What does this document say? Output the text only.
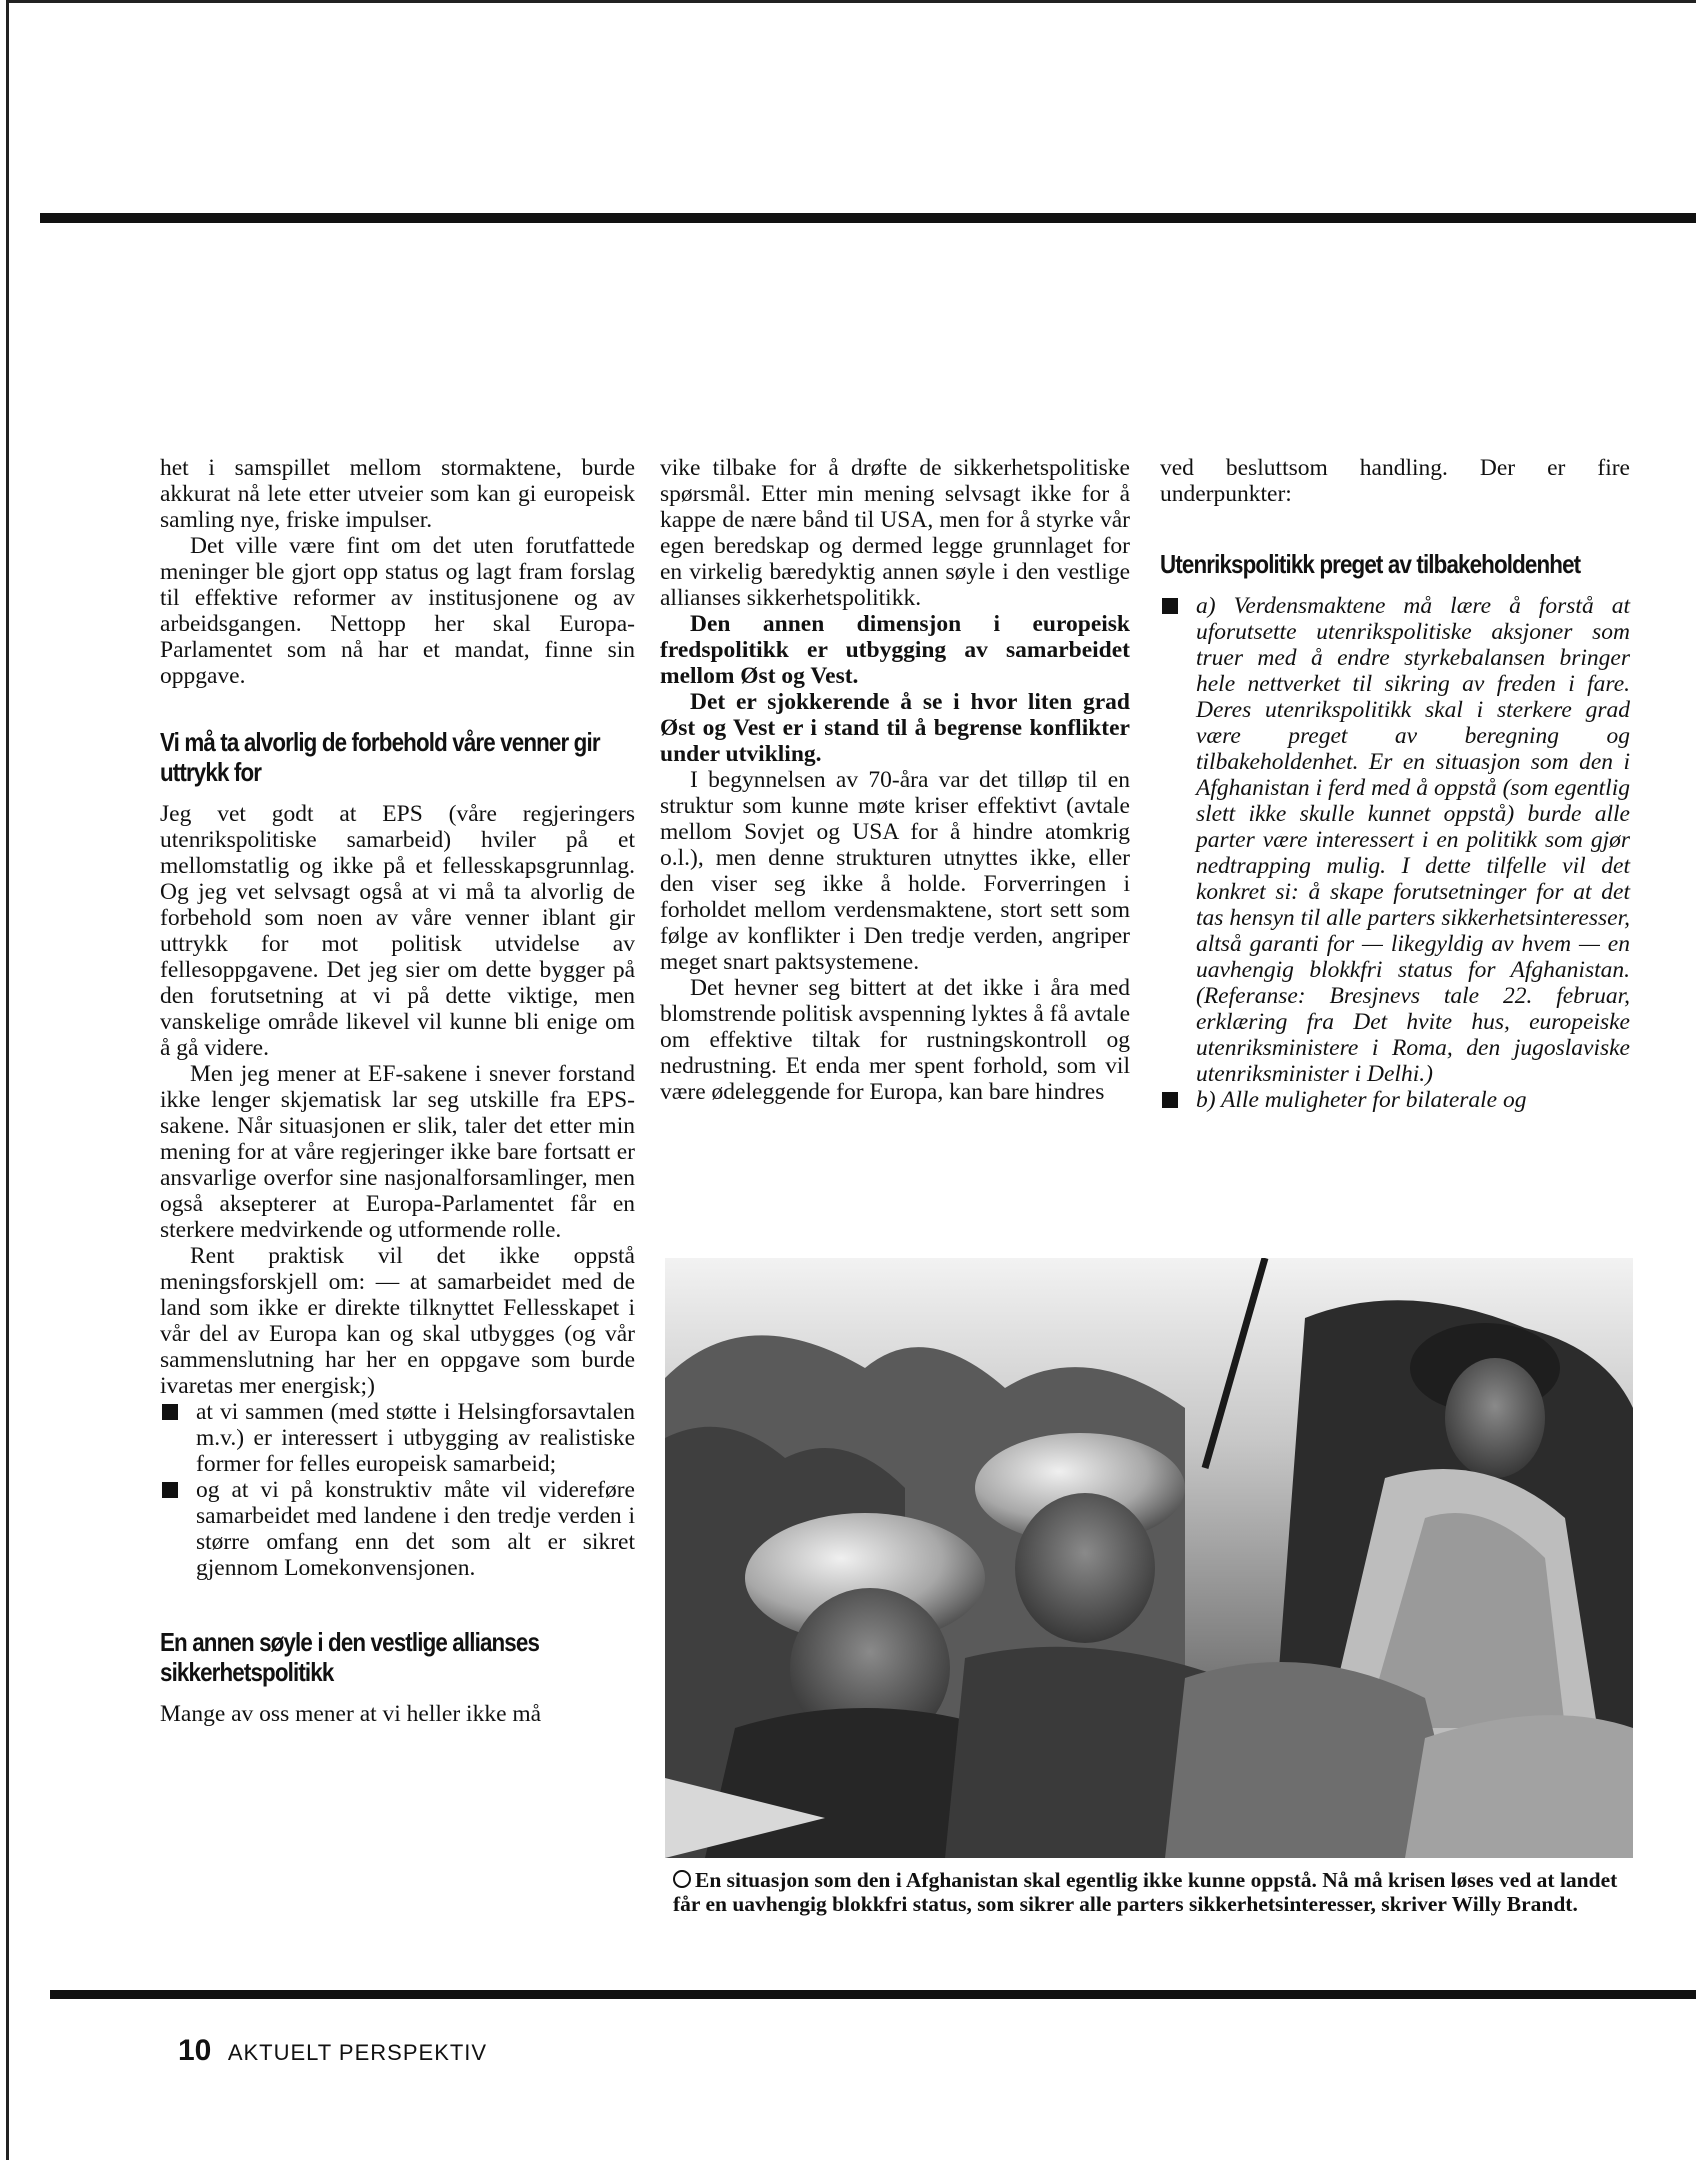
het i samspillet mellom stormaktene, burde akkurat nå lete etter utveier som kan gi europeisk samling nye, friske impulser.

Det ville være fint om det uten forutfattede meninger ble gjort opp status og lagt fram forslag til effektive reformer av institusjonene og av arbeidsgangen. Nettopp her skal Europa-Parlamentet som nå har et mandat, finne sin oppgave.

Vi må ta alvorlig de forbehold våre venner gir uttrykk for

Jeg vet godt at EPS (våre regjeringers utenrikspolitiske samarbeid) hviler på et mellomstatlig og ikke på et fellesskapsgrunnlag. Og jeg vet selvsagt også at vi må ta alvorlig de forbehold som noen av våre venner iblant gir uttrykk for mot politisk utvidelse av fellesoppgavene. Det jeg sier om dette bygger på den forutsetning at vi på dette viktige, men vanskelige område likevel vil kunne bli enige om å gå videre.

Men jeg mener at EF-sakene i snever forstand ikke lenger skjematisk lar seg utskille fra EPS-sakene. Når situasjonen er slik, taler det etter min mening for at våre regjeringer ikke bare fortsatt er ansvarlige overfor sine nasjonalforsamlinger, men også aksepterer at Europa-Parlamentet får en sterkere medvirkende og utformende rolle.

Rent praktisk vil det ikke oppstå meningsforskjell om: — at samarbeidet med de land som ikke er direkte tilknyttet Fellesskapet i vår del av Europa kan og skal utbygges (og vår sammenslutning har her en oppgave som burde ivaretas mer energisk;)

at vi sammen (med støtte i Helsingforsavtalen m.v.) er interessert i utbygging av realistiske former for felles europeisk samarbeid;
og at vi på konstruktiv måte vil videreføre samarbeidet med landene i den tredje verden i større omfang enn det som alt er sikret gjennom Lomekonvensjonen.
En annen søyle i den vestlige allianses sikkerhetspolitikk

Mange av oss mener at vi heller ikke må

vike tilbake for å drøfte de sikkerhetspolitiske spørsmål. Etter min mening selvsagt ikke for å kappe de nære bånd til USA, men for å styrke vår egen beredskap og dermed legge grunnlaget for en virkelig bæredyktig annen søyle i den vestlige allianses sikkerhetspolitikk.

Den annen dimensjon i europeisk fredspolitikk er utbygging av samarbeidet mellom Øst og Vest.

Det er sjokkerende å se i hvor liten grad Øst og Vest er i stand til å begrense konflikter under utvikling.

I begynnelsen av 70-åra var det tilløp til en struktur som kunne møte kriser effektivt (avtale mellom Sovjet og USA for å hindre atomkrig o.l.), men denne strukturen utnyttes ikke, eller den viser seg ikke å holde. Forverringen i forholdet mellom verdensmaktene, stort sett som følge av konflikter i Den tredje verden, angriper meget snart paktsystemene.

Det hevner seg bittert at det ikke i åra med blomstrende politisk avspenning lyktes å få avtale om effektive tiltak for rustningskontroll og nedrustning. Et enda mer spent forhold, som vil være ødeleggende for Europa, kan bare hindres

ved besluttsom handling. Der er fire underpunkter:

Utenrikspolitikk preget av tilbakeholdenhet

a) Verdensmaktene må lære å forstå at uforutsette utenrikspolitiske aksjoner som truer med å endre styrkebalansen bringer hele nettverket til sikring av freden i fare. Deres utenrikspolitikk skal i sterkere grad være preget av beregning og tilbakeholdenhet. Er en situasjon som den i Afghanistan i ferd med å oppstå (som egentlig slett ikke skulle kunnet oppstå) burde alle parter være interessert i en politikk som gjør nedtrapping mulig. I dette tilfelle vil det konkret si: å skape forutsetninger for at det tas hensyn til alle parters sikkerhetsinteresser, altså garanti for — likegyldig av hvem — en uavhengig blokkfri status for Afghanistan. (Referanse: Bresjnevs tale 22. februar, erklæring fra Det hvite hus, europeiske utenriksministere i Roma, den jugoslaviske utenriksminister i Delhi.)

b) Alle muligheter for bilaterale og

En situasjon som den i Afghanistan skal egentlig ikke kunne oppstå. Nå må krisen løses ved at landet får en uavhengig blokkfri status, som sikrer alle parters sikkerhetsinteresser, skriver Willy Brandt.
10 AKTUELT PERSPEKTIV
